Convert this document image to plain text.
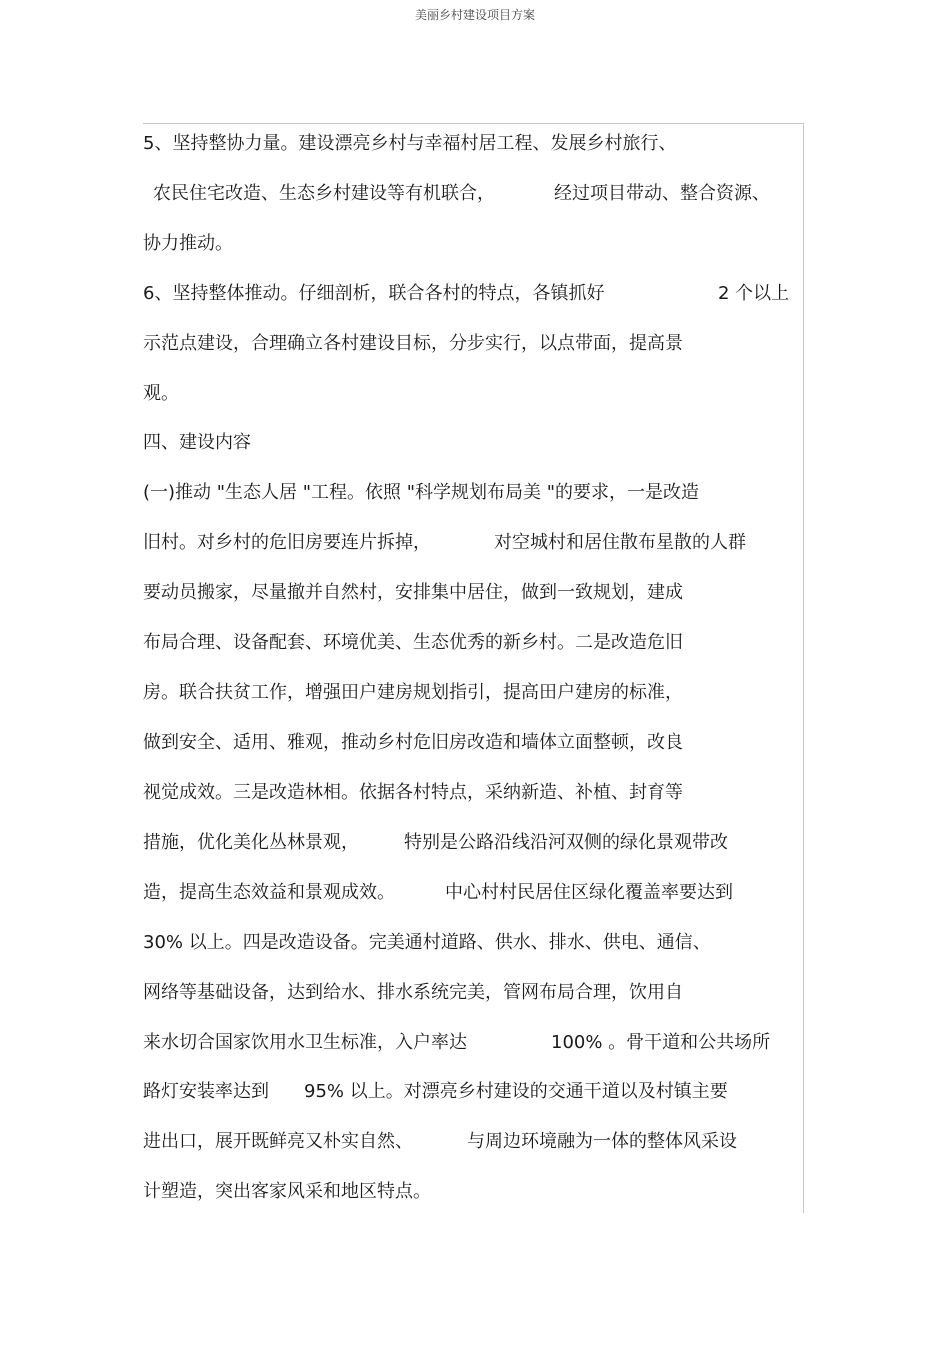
美丽乡村建设项目方案
5、坚持整协力量。建设漂亮乡村与幸福村居工程、发展乡村旅行、
农民住宅改造、生态乡村建设等有机联合，	经过项目带动、整合资源、
协力推动。
6、坚持整体推动。仔细剖析，联合各村的特点，各镇抓好	2 个以上
示范点建设，合理确立各村建设目标，分步实行，以点带面，提高景
观。
四、建设内容
(一)推动 "生态人居 "工程。依照 "科学规划布局美 "的要求，一是改造
旧村。对乡村的危旧房要连片拆掉，	对空城村和居住散布星散的人群
要动员搬家，尽量撤并自然村，安排集中居住，做到一致规划，建成
布局合理、设备配套、环境优美、生态优秀的新乡村。二是改造危旧
房。联合扶贫工作，增强田户建房规划指引，提高田户建房的标准，
做到安全、适用、雅观，推动乡村危旧房改造和墙体立面整顿，改良
视觉成效。三是改造林相。依据各村特点，采纳新造、补植、封育等
措施，优化美化丛林景观，	特别是公路沿线沿河双侧的绿化景观带改
造，提高生态效益和景观成效。	中心村村民居住区绿化覆盖率要达到
30% 以上。四是改造设备。完美通村道路、供水、排水、供电、通信、
网络等基础设备，达到给水、排水系统完美，管网布局合理，饮用自
来水切合国家饮用水卫生标准，入户率达	100% 。骨干道和公共场所
路灯安装率达到 95% 以上。对漂亮乡村建设的交通干道以及村镇主要
进出口，展开既鲜亮又朴实自然、	与周边环境融为一体的整体风采设
计塑造，突出客家风采和地区特点。
